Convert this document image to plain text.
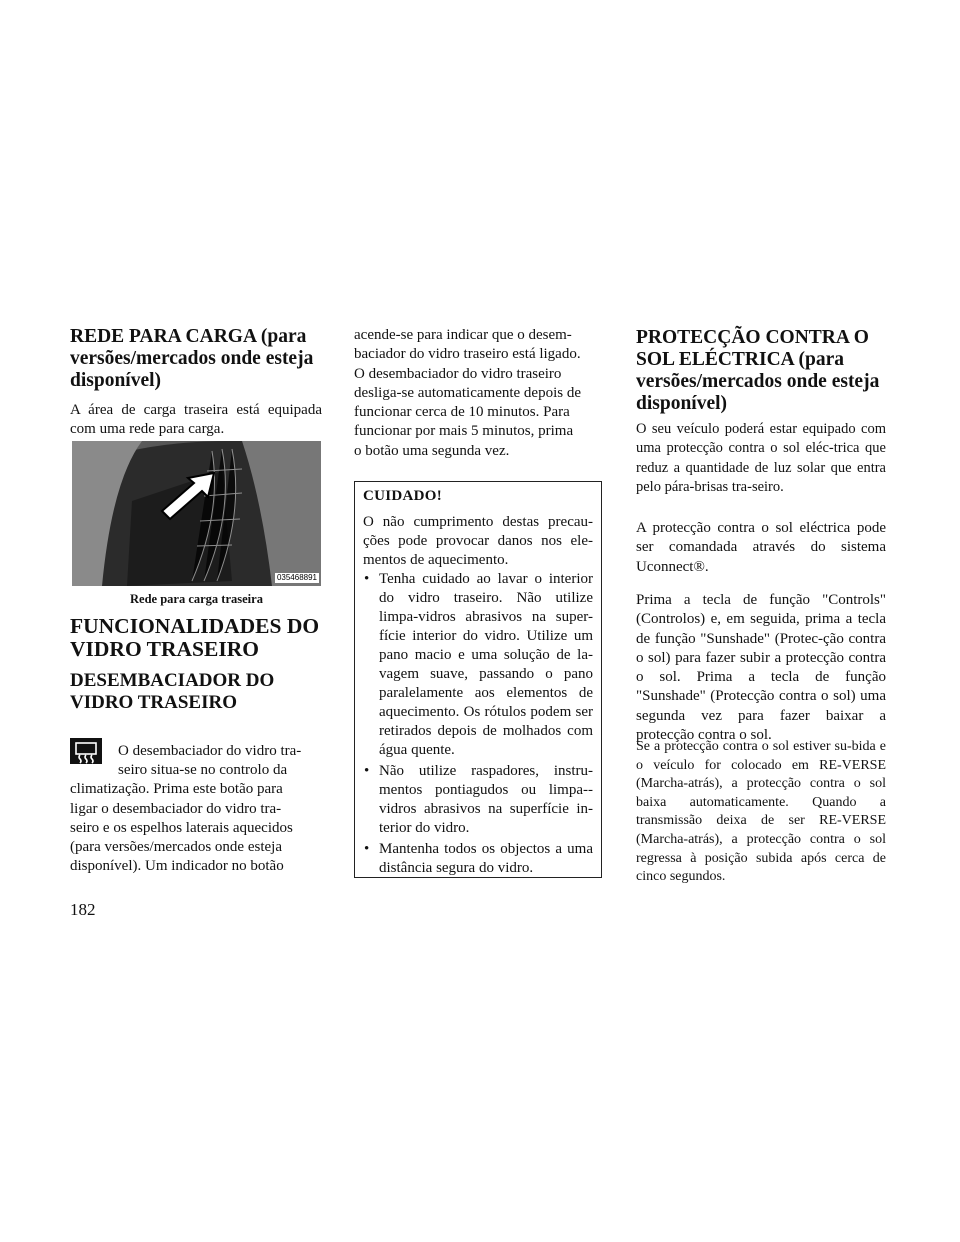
REDE PARA CARGA (para versões/mercados onde esteja disponível)

A área de carga traseira está equipada com uma rede para carga.

035468891
Rede para carga traseira
FUNCIONALIDADES DO VIDRO TRASEIRO
DESEMBACIADOR DO VIDRO TRASEIRO
O desembaciador do vidro tra-
seiro situa-se no controlo da
climatização. Prima este botão para
ligar o desembaciador do vidro tra-
seiro e os espelhos laterais aquecidos
(para versões/mercados onde esteja
disponível). Um indicador no botão
acende-se para indicar que o desem-
baciador do vidro traseiro está ligado.
O desembaciador do vidro traseiro
desliga-se automaticamente depois de
funcionar cerca de 10 minutos. Para
funcionar por mais 5 minutos, prima
o botão uma segunda vez.
CUIDADO!

O não cumprimento destas precau-ções pode provocar danos nos ele-mentos de aquecimento.

• Tenha cuidado ao lavar o interior do vidro traseiro. Não utilize limpa-vidros abrasivos na super-fície interior do vidro. Utilize um pano macio e uma solução de la-vagem suave, passando o pano paralelamente aos elementos de aquecimento. Os rótulos podem ser retirados depois de molhados com água quente.
• Não utilize raspadores, instru-mentos pontiagudos ou limpa--vidros abrasivos na superfície in-terior do vidro.
• Mantenha todos os objectos a uma distância segura do vidro.
PROTECÇÃO CONTRA O SOL ELÉCTRICA (para versões/mercados onde esteja disponível)

O seu veículo poderá estar equipado com uma protecção contra o sol eléc-trica que reduz a quantidade de luz solar que entra pelo pára-brisas tra-seiro.

A protecção contra o sol eléctrica pode ser comandada através do sistema Uconnect®.

Prima a tecla de função "Controls" (Controlos) e, em seguida, prima a tecla de função "Sunshade" (Protec-ção contra o sol) para fazer subir a protecção contra o sol. Prima a tecla de função "Sunshade" (Protecção contra o sol) uma segunda vez para fazer baixar a protecção contra o sol.

Se a protecção contra o sol estiver su-bida e o veículo for colocado em RE-VERSE (Marcha-atrás), a protecção contra o sol baixa automaticamente. Quando a transmissão deixa de ser RE-VERSE (Marcha-atrás), a protecção contra o sol regressa à posição subida após cerca de cinco segundos.

182
